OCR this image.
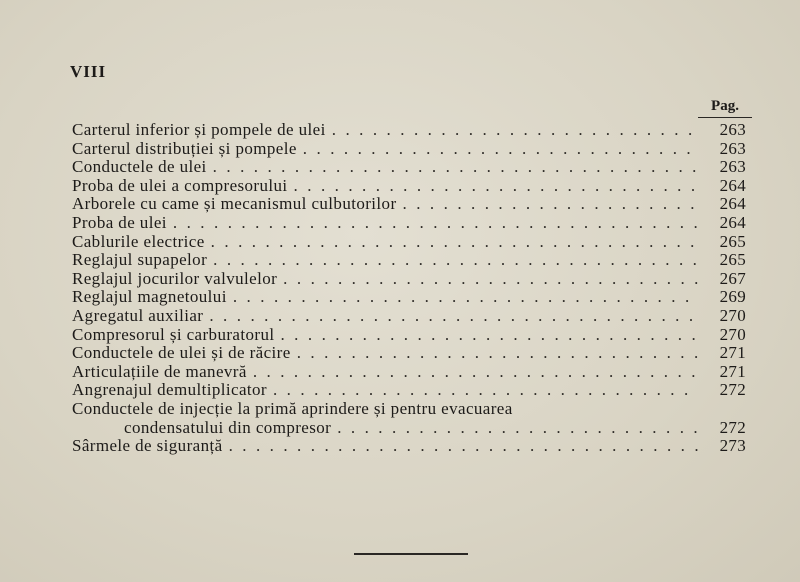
VIII
Pag.
Carterul inferior și pompele de ulei . . .	263
Carterul distribuției și pompele . . .	263
Conductele de ulei . . .	263
Proba de ulei a compresorului . . .	264
Arborele cu came și mecanismul culbutorilor . . .	264
Proba de ulei . . .	264
Cablurile electrice . . .	265
Reglajul supapelor . . .	265
Reglajul jocurilor valvulelor . . .	267
Reglajul magnetoului . . .	269
Agregatul auxiliar . . .	270
Compresorul și carburatorul . . .	270
Conductele de ulei și de răcire . . .	271
Articulațiile de manevră . . .	271
Angrenajul demultiplicator . . .	272
Conductele de injecție la primă aprindere și pentru evacuarea
condensatului din compresor . . .	272
Sârmele de siguranță . . .	273
